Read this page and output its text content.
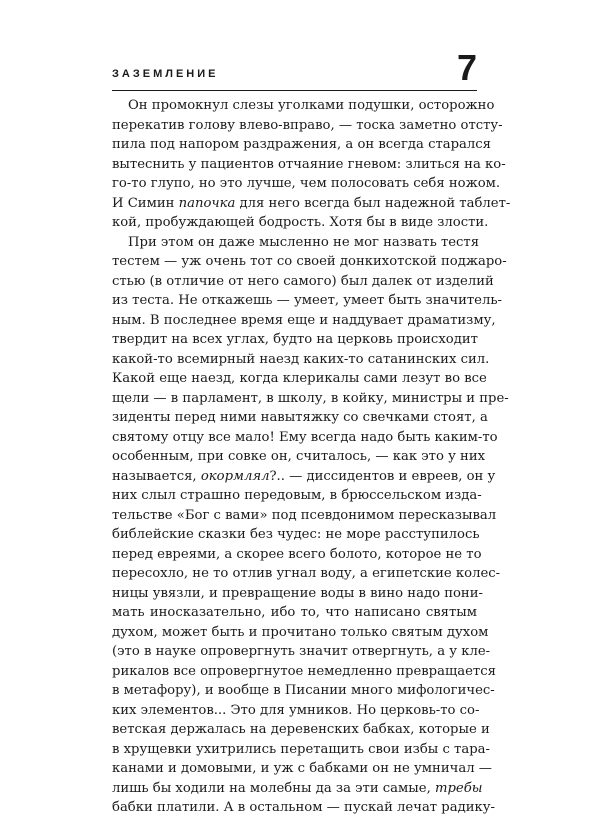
ЗАЗЕМЛЕНИЕ	7
Он промокнул слезы уголками подушки, осторожно
перекатив голову влево-вправо, — тоска заметно отсту-
пила под напором раздражения, а он всегда старался
вытеснить у пациентов отчаяние гневом: злиться на ко-
го-то глупо, но это лучше, чем полосовать себя ножом.
И Симин папочка для него всегда был надежной таблет-
кой, пробуждающей бодрость. Хотя бы в виде злости.
При этом он даже мысленно не мог назвать тестя
тестем — уж очень тот со своей донкихотской поджаро-
стью (в отличие от него самого) был далек от изделий
из теста. Не откажешь — умеет, умеет быть значитель-
ным. В последнее время еще и наддувает драматизму,
твердит на всех углах, будто на церковь происходит
какой-то всемирный наезд каких-то сатанинских сил.
Какой еще наезд, когда клерикалы сами лезут во все
щели — в парламент, в школу, в койку, министры и пре-
зиденты перед ними навытяжку со свечками стоят, а
святому отцу все мало! Ему всегда надо быть каким-то
особенным, при совке он, считалось, — как это у них
называется, окормлял?.. — диссидентов и евреев, он у
них слыл страшно передовым, в брюссельском изда-
тельстве «Бог с вами» под псевдонимом пересказывал
библейские сказки без чудес: не море расступилось
перед евреями, а скорее всего болото, которое не то
пересохло, не то отлив угнал воду, а египетские колес-
ницы увязли, и превращение воды в вино надо пони-
мать иносказательно, ибо то, что написано святым
духом, может быть и прочитано только святым духом
(это в науке опровергнуть значит отвергнуть, а у кле-
рикалов все опровергнутое немедленно превращается
в метафору), и вообще в Писании много мифологичес-
ких элементов... Это для умников. Но церковь-то со-
ветская держалась на деревенских бабках, которые и
в хрущевки ухитрились перетащить свои избы с тара-
канами и домовыми, и уж с бабками он не умничал —
лишь бы ходили на молебны да за эти самые, требы
бабки платили. А в остальном — пускай лечат радику-
